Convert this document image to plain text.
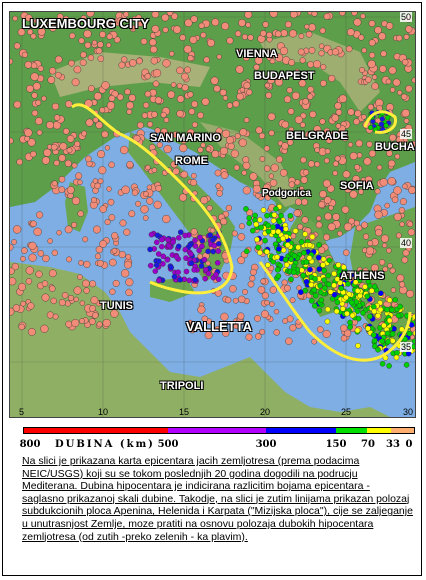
LUXEMBOURG CITY
VIENNA
BUDAPEST
BELGRADE
BUCHA
Podgorica
TUNIS
VALLETTA
TRIPOLI
SAN MARINO
ROME
SOFIA
ATHENS
50
45
40
35
5	10	15	20	25	30
800 DUBINA (km) 500	300	150 70 33 0
Na slici je prikazana karta epicentara jacih zemljotresa (prema podacima NEIC/USGS) koji su se tokom poslednjih 20 godina dogodili na podrucju Mediterana. Dubina hipocentara je indicirana razlicitim bojama epicentara - saglasno prikazanoj skali dubine. Takodje, na slici je zutim linijama prikazan polozaj subdukcionih ploca Apenina, Helenida i Karpata ("Mizijska ploca"), cije se zaljeganje u unutrasnjost Zemlje, moze pratiti na osnovu polozaja dubokih hipocentara zemljotresa (od zutih -preko zelenih - ka plavim).
